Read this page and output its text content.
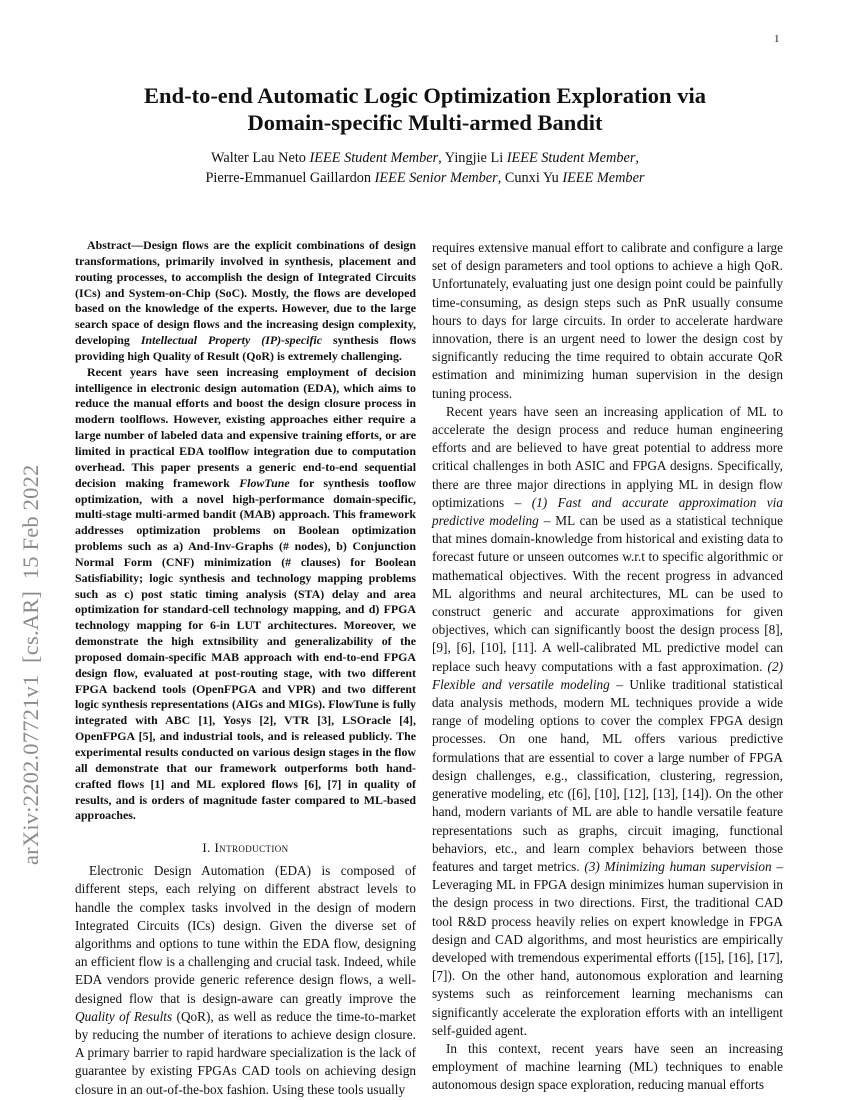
1
arXiv:2202.07721v1  [cs.AR]  15 Feb 2022
End-to-end Automatic Logic Optimization Exploration via
Domain-specific Multi-armed Bandit
Walter Lau Neto IEEE Student Member, Yingjie Li IEEE Student Member,
Pierre-Emmanuel Gaillardon IEEE Senior Member, Cunxi Yu IEEE Member

Abstract—Design flows are the explicit combinations of design transformations, primarily involved in synthesis, placement and routing processes, to accomplish the design of Integrated Circuits (ICs) and System-on-Chip (SoC). Mostly, the flows are developed based on the knowledge of the experts. However, due to the large search space of design flows and the increasing design complexity, developing Intellectual Property (IP)-specific synthesis flows providing high Quality of Result (QoR) is extremely challenging.

Recent years have seen increasing employment of decision intelligence in electronic design automation (EDA), which aims to reduce the manual efforts and boost the design closure process in modern toolflows. However, existing approaches either require a large number of labeled data and expensive training efforts, or are limited in practical EDA toolflow integration due to computation overhead. This paper presents a generic end-to-end sequential decision making framework FlowTune for synthesis tooflow optimization, with a novel high-performance domain-specific, multi-stage multi-armed bandit (MAB) approach. This framework addresses optimization problems on Boolean optimization problems such as a) And-Inv-Graphs (# nodes), b) Conjunction Normal Form (CNF) minimization (# clauses) for Boolean Satisfiability; logic synthesis and technology mapping problems such as c) post static timing analysis (STA) delay and area optimization for standard-cell technology mapping, and d) FPGA technology mapping for 6-in LUT architectures. Moreover, we demonstrate the high extnsibility and generalizability of the proposed domain-specific MAB approach with end-to-end FPGA design flow, evaluated at post-routing stage, with two different FPGA backend tools (OpenFPGA and VPR) and two different logic synthesis representations (AIGs and MIGs). FlowTune is fully integrated with ABC [1], Yosys [2], VTR [3], LSOracle [4], OpenFPGA [5], and industrial tools, and is released publicly. The experimental results conducted on various design stages in the flow all demonstrate that our framework outperforms both hand-crafted flows [1] and ML explored flows [6], [7] in quality of results, and is orders of magnitude faster compared to ML-based approaches.

I. Introduction

Electronic Design Automation (EDA) is composed of different steps, each relying on different abstract levels to handle the complex tasks involved in the design of modern Integrated Circuits (ICs) design. Given the diverse set of algorithms and options to tune within the EDA flow, designing an efficient flow is a challenging and crucial task. Indeed, while EDA vendors provide generic reference design flows, a well-designed flow that is design-aware can greatly improve the Quality of Results (QoR), as well as reduce the time-to-market by reducing the number of iterations to achieve design closure. A primary barrier to rapid hardware specialization is the lack of guarantee by existing FPGAs CAD tools on achieving design closure in an out-of-the-box fashion. Using these tools usually

requires extensive manual effort to calibrate and configure a large set of design parameters and tool options to achieve a high QoR. Unfortunately, evaluating just one design point could be painfully time-consuming, as design steps such as PnR usually consume hours to days for large circuits. In order to accelerate hardware innovation, there is an urgent need to lower the design cost by significantly reducing the time required to obtain accurate QoR estimation and minimizing human supervision in the design tuning process.

Recent years have seen an increasing application of ML to accelerate the design process and reduce human engineering efforts and are believed to have great potential to address more critical challenges in both ASIC and FPGA designs. Specifically, there are three major directions in applying ML in design flow optimizations – (1) Fast and accurate approximation via predictive modeling – ML can be used as a statistical technique that mines domain-knowledge from historical and existing data to forecast future or unseen outcomes w.r.t to specific algorithmic or mathematical objectives. With the recent progress in advanced ML algorithms and neural architectures, ML can be used to construct generic and accurate approximations for given objectives, which can significantly boost the design process [8], [9], [6], [10], [11]. A well-calibrated ML predictive model can replace such heavy computations with a fast approximation. (2) Flexible and versatile modeling – Unlike traditional statistical data analysis methods, modern ML techniques provide a wide range of modeling options to cover the complex FPGA design processes. On one hand, ML offers various predictive formulations that are essential to cover a large number of FPGA design challenges, e.g., classification, clustering, regression, generative modeling, etc ([6], [10], [12], [13], [14]). On the other hand, modern variants of ML are able to handle versatile feature representations such as graphs, circuit imaging, functional behaviors, etc., and learn complex behaviors between those features and target metrics. (3) Minimizing human supervision – Leveraging ML in FPGA design minimizes human supervision in the design process in two directions. First, the traditional CAD tool R&D process heavily relies on expert knowledge in FPGA design and CAD algorithms, and most heuristics are empirically developed with tremendous experimental efforts ([15], [16], [17], [7]). On the other hand, autonomous exploration and learning systems such as reinforcement learning mechanisms can significantly accelerate the exploration efforts with an intelligent self-guided agent.

In this context, recent years have seen an increasing employment of machine learning (ML) techniques to enable autonomous design space exploration, reducing manual efforts
